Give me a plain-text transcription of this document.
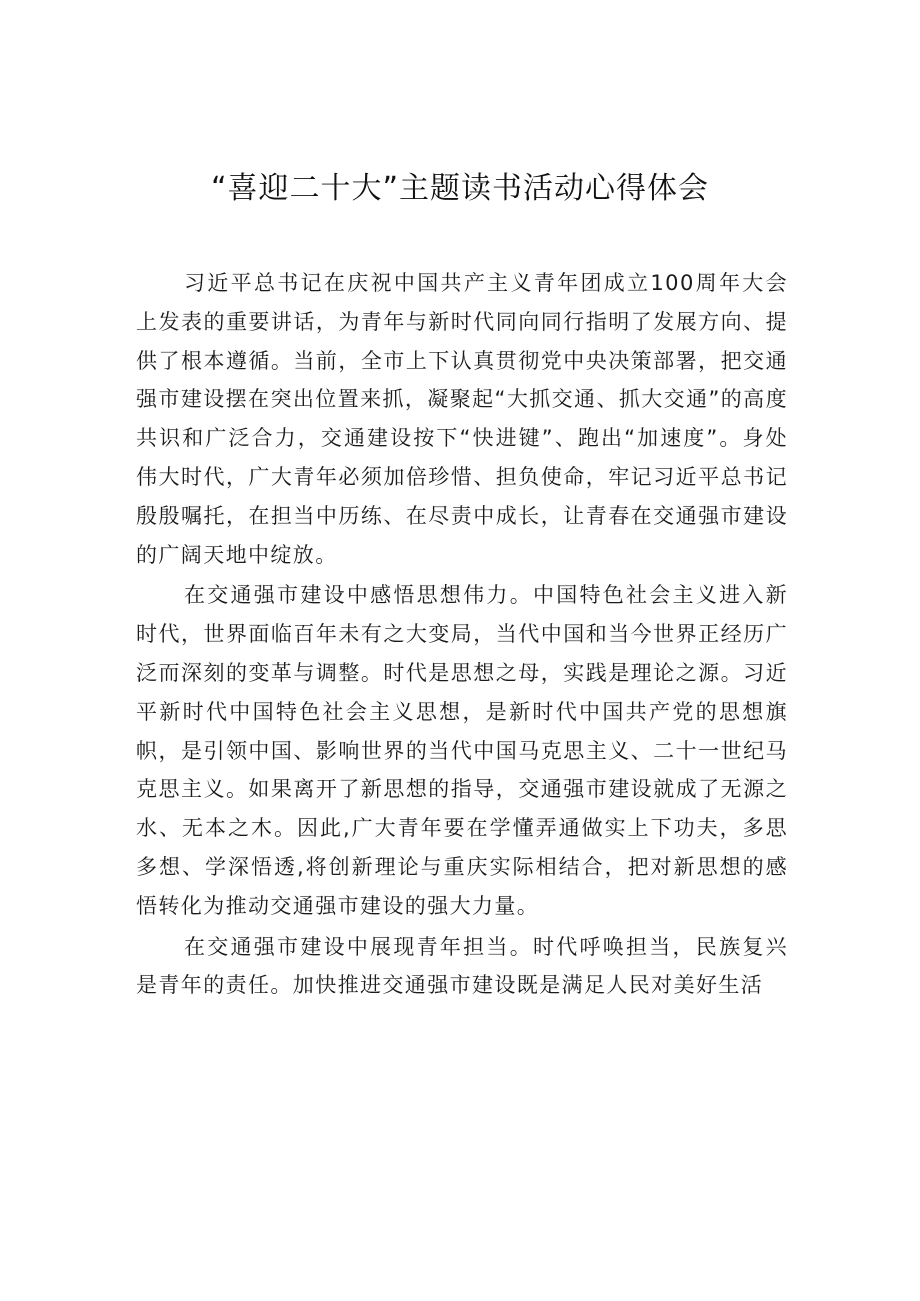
“喜迎二十大”主题读书活动心得体会

习近平总书记在庆祝中国共产主义青年团成立100周年大会上发表的重要讲话，为青年与新时代同向同行指明了发展方向、提供了根本遵循。当前，全市上下认真贯彻党中央决策部署，把交通强市建设摆在突出位置来抓，凝聚起“大抓交通、抓大交通”的高度共识和广泛合力，交通建设按下“快进键”、跑出“加速度”。身处伟大时代，广大青年必须加倍珍惜、担负使命，牢记习近平总书记殷殷嘱托，在担当中历练、在尽责中成长，让青春在交通强市建设的广阔天地中绽放。

在交通强市建设中感悟思想伟力。中国特色社会主义进入新时代，世界面临百年未有之大变局，当代中国和当今世界正经历广泛而深刻的变革与调整。时代是思想之母，实践是理论之源。习近平新时代中国特色社会主义思想，是新时代中国共产党的思想旗帜，是引领中国、影响世界的当代中国马克思主义、二十一世纪马克思主义。如果离开了新思想的指导，交通强市建设就成了无源之水、无本之木。因此,广大青年要在学懂弄通做实上下功夫，多思多想、学深悟透,将创新理论与重庆实际相结合，把对新思想的感悟转化为推动交通强市建设的强大力量。

在交通强市建设中展现青年担当。时代呼唤担当，民族复兴是青年的责任。加快推进交通强市建设既是满足人民对美好生活
